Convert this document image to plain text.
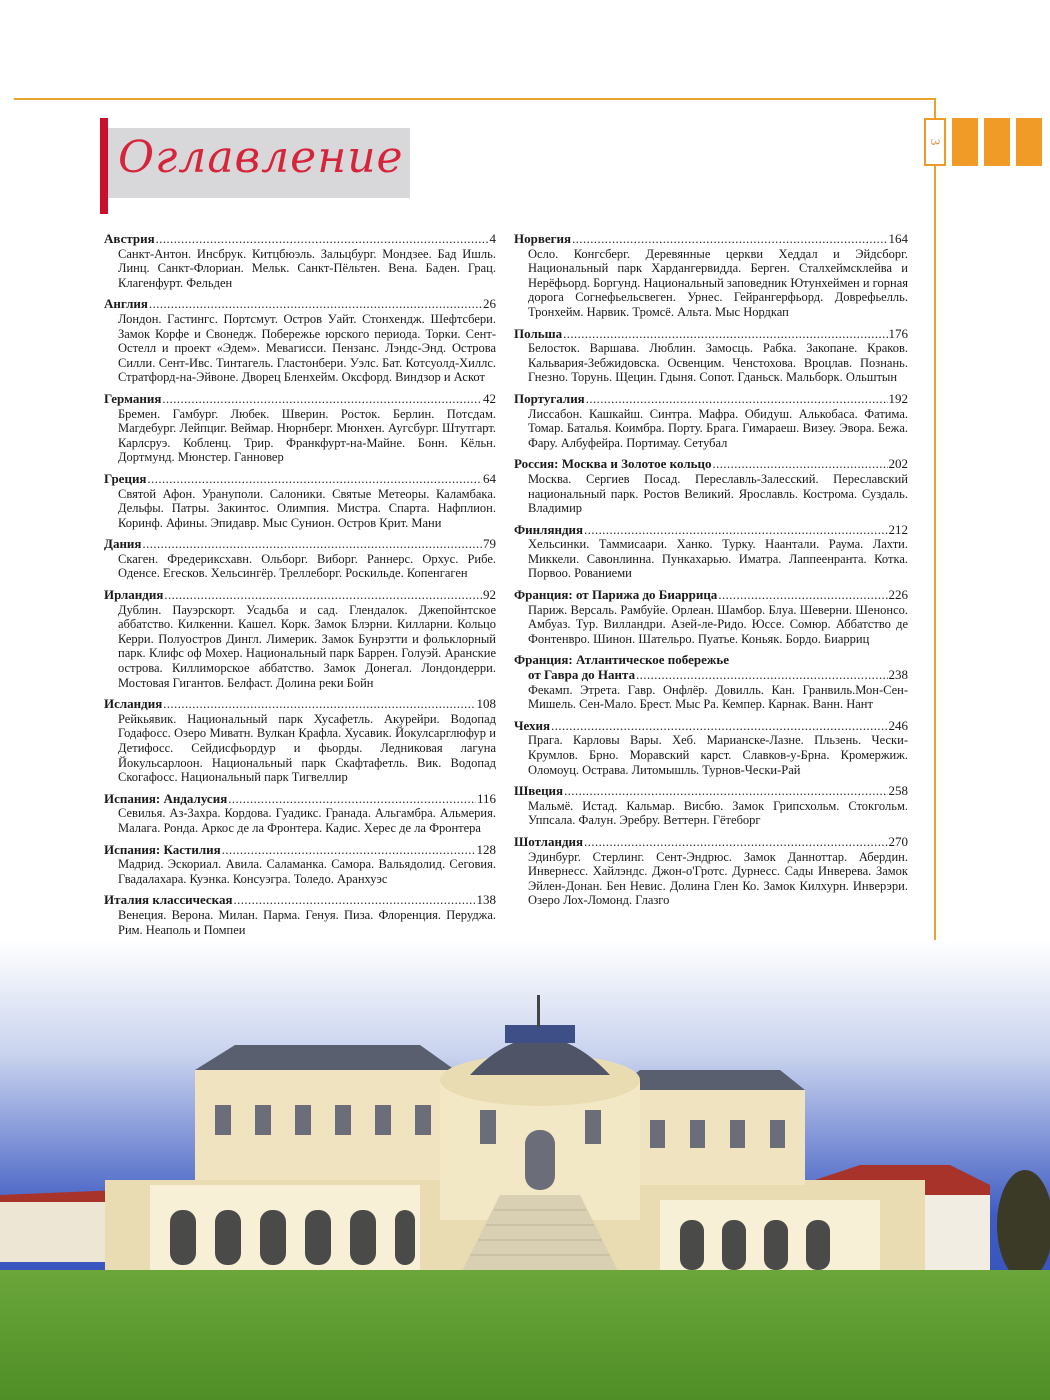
3
Оглавление
Австрия .....	4
Санкт-Антон. Инсбрук. Китцбюэль. Зальцбург. Мондзее. Бад Ишль. Линц. Санкт-Флориан. Мельк. Санкт-Пёльтен. Вена. Баден. Грац. Клагенфурт. Фельден
Англия .....	26
Лондон. Гастингс. Портсмут. Остров Уайт. Стонхендж. Шефтсбери. Замок Корфе и Свонедж. Побережье юрского периода. Торки. Сент-Остелл и проект «Эдем». Мевагисси. Пензанс. Лэндс-Энд. Острова Силли. Сент-Ивс. Тинтагель. Гластонбери. Уэлс. Бат. Котсуолд-Хиллс. Стратфорд-на-Эйвоне. Дворец Бленхейм. Оксфорд. Виндзор и Аскот
Германия .....	42
Бремен. Гамбург. Любек. Шверин. Росток. Берлин. Потсдам. Магдебург. Лейпциг. Веймар. Нюрнберг. Мюнхен. Аугсбург. Штутгарт. Карлсруэ. Кобленц. Трир. Франкфурт-на-Майне. Бонн. Кёльн. Дортмунд. Мюнстер. Ганновер
Греция .....	64
Святой Афон. Урануполи. Салоники. Святые Метеоры. Каламбака. Дельфы. Патры. Закинтос. Олимпия. Мистра. Спарта. Нафплион. Коринф. Афины. Эпидавр. Мыс Сунион. Остров Крит. Мани
Дания .....	79
Скаген. Фредериксхавн. Ольборг. Виборг. Раннерс. Орхус. Рибе. Оденсе. Егесков. Хельсингёр. Треллеборг. Роскильде. Копенгаген
Ирландия .....	92
Дублин. Пауэрскорт. Усадьба и сад. Глендалок. Джепойнтское аббатство. Килкенни. Кашел. Корк. Замок Блэрни. Килларни. Кольцо Керри. Полуостров Дингл. Лимерик. Замок Бунрэтти и фольклорный парк. Клифс оф Мохер. Национальный парк Баррен. Голуэй. Аранские острова. Киллиморское аббатство. Замок Донегал. Лондондерри. Мостовая Гигантов. Белфаст. Долина реки Бойн
Исландия .....	108
Рейкьявик. Национальный парк Хусафетль. Акурейри. Водопад Годафосс. Озеро Миватн. Вулкан Крафла. Хусавик. Йокулсарглюфур и Детифосс. Сейдисфьордур и фьорды. Ледниковая лагуна Йокульсарлоон. Национальный парк Скафтафетль. Вик. Водопад Скогафосс. Национальный парк Тигвеллир
Испания: Андалусия .....	116
Севилья. Аз-Захра. Кордова. Гуадикс. Гранада. Альгамбра. Альмерия. Малага. Ронда. Аркос де ла Фронтера. Кадис. Херес де ла Фронтера
Испания: Кастилия .....	128
Мадрид. Эскориал. Авила. Саламанка. Самора. Вальядолид. Сеговия. Гвадалахара. Куэнка. Консуэгра. Толедо. Аранхуэс
Италия классическая .....	138
Венеция. Верона. Милан. Парма. Генуя. Пиза. Флоренция. Перуджа. Рим. Неаполь и Помпеи
.....
Норвегия .....	164
Осло. Конгсберг. Деревянные церкви Хеддал и Эйдсборг. Национальный парк Хардангервидда. Берген. Сталхеймсклейва и Нерёфьорд. Боргунд. Национальный заповедник Ютунхеймен и горная дорога Согнефьельсвеген. Урнес. Гейрангерфьорд. Доврефьелль. Тронхейм. Нарвик. Тромсё. Альта. Мыс Нордкап
Польша .....	176
Белосток. Варшава. Люблин. Замосць. Рабка. Закопане. Краков. Кальвария-Зебжидовска. Освенцим. Ченстохова. Вроцлав. Познань. Гнезно. Торунь. Щецин. Гдыня. Сопот. Гданьск. Мальборк. Ольштын
Португалия .....	192
Лиссабон. Кашкайш. Синтра. Мафра. Обидуш. Алькобаса. Фатима. Томар. Баталья. Коимбра. Порту. Брага. Гимараеш. Визеу. Эвора. Бежа. Фару. Албуфейра. Портимау. Сетубал
Россия: Москва и Золотое кольцо .....	202
Москва. Сергиев Посад. Переславль-Залесский. Переславский национальный парк. Ростов Великий. Ярославль. Кострома. Суздаль. Владимир
Финляндия .....	212
Хельсинки. Таммисаари. Ханко. Турку. Наантали. Раума. Лахти. Миккели. Савонлинна. Пункахарью. Иматра. Лаппеенранта. Котка. Порвоо. Рованиеми
Франция: от Парижа до Биаррица .....	226
Париж. Версаль. Рамбуйе. Орлеан. Шамбор. Блуа. Шеверни. Шенонсо. Амбуаз. Тур. Вилландри. Азей-ле-Ридо. Юссе. Сомюр. Аббатство де Фонтенвро. Шинон. Шательро. Пуатье. Коньяк. Бордо. Биарриц
Франция: Атлантическое побережье
от Гавра до Нанта .....	238
Фекамп. Этрета. Гавр. Онфлёр. Довилль. Кан. Гранвиль.Мон-Сен-Мишель. Сен-Мало. Брест. Мыс Ра. Кемпер. Карнак. Ванн. Нант
Чехия .....	246
Прага. Карловы Вары. Хеб. Марианске-Лазне. Пльзень. Чески-Крумлов. Брно. Моравский карст. Славков-у-Брна. Кромержиж. Оломоуц. Острава. Литомышль. Турнов-Чески-Рай
Швеция .....	258
Мальмё. Истад. Кальмар. Висбю. Замок Грипсхольм. Стокгольм. Уппсала. Фалун. Эребру. Веттерн. Гётеборг
Шотландия .....	270
Эдинбург. Стерлинг. Сент-Эндрюс. Замок Данноттар. Абердин. Инвернесс. Хайлэндс. Джон-о'Гротс. Дурнесс. Сады Инверева. Замок Эйлен-Донан. Бен Невис. Долина Глен Ко. Замок Килхурн. Инверэри. Озеро Лох-Ломонд. Глазго
